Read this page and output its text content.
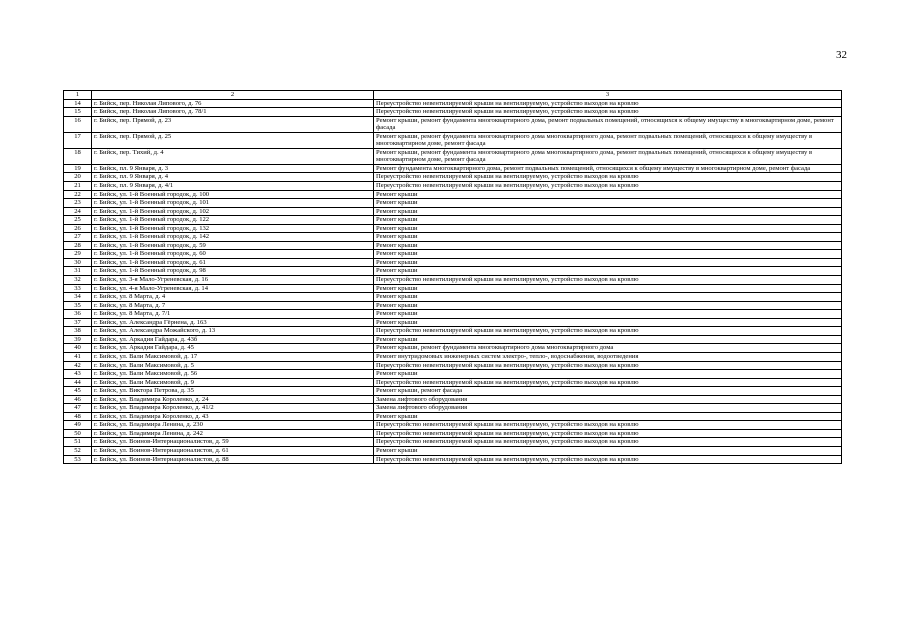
32
1	2	3
14	г. Бийск, пер. Николая Липового, д. 76	Переустройство невентилируемой крыши на вентилируемую, устройство выходов на кровлю
15	г. Бийск, пер. Николая Липового, д. 78/1	Переустройство невентилируемой крыши на вентилируемую, устройство выходов на кровлю
16	г. Бийск, пер. Прямой, д. 23	Ремонт крыши, ремонт фундамента многоквартирного дома, ремонт подвальных помещений, относящихся к общему имуществу в многоквартирном доме, ремонт фасада
17	г. Бийск, пер. Прямой, д. 25	Ремонт крыши, ремонт фундамента многоквартирного дома многоквартирного дома, ремонт подвальных помещений, относящихся к общему имуществу в многоквартирном доме, ремонт фасада
18	г. Бийск, пер. Тихий, д. 4	Ремонт крыши, ремонт фундамента многоквартирного дома многоквартирного дома, ремонт подвальных помещений, относящихся к общему имуществу в многоквартирном доме, ремонт фасада
19	г. Бийск, пл. 9 Января, д. 3	Ремонт фундамента многоквартирного дома, ремонт подвальных помещений, относящихся к общему имуществу в многоквартирном доме, ремонт фасада
20	г. Бийск, пл. 9 Января, д. 4	Переустройство невентилируемой крыши на вентилируемую, устройство выходов на кровлю
21	г. Бийск, пл. 9 Января, д. 4/1	Переустройство невентилируемой крыши на вентилируемую, устройство выходов на кровлю
22	г. Бийск, ул. 1-й Военный городок, д. 100	Ремонт крыши
23	г. Бийск, ул. 1-й Военный городок, д. 101	Ремонт крыши
24	г. Бийск, ул. 1-й Военный городок, д. 102	Ремонт крыши
25	г. Бийск, ул. 1-й Военный городок, д. 122	Ремонт крыши
26	г. Бийск, ул. 1-й Военный городок, д. 132	Ремонт крыши
27	г. Бийск, ул. 1-й Военный городок, д. 142	Ремонт крыши
28	г. Бийск, ул. 1-й Военный городок, д. 59	Ремонт крыши
29	г. Бийск, ул. 1-й Военный городок, д. 60	Ремонт крыши
30	г. Бийск, ул. 1-й Военный городок, д. 61	Ремонт крыши
31	г. Бийск, ул. 1-й Военный городок, д. 98	Ремонт крыши
32	г. Бийск, ул. 3-я Мало-Угреневская, д. 16	Переустройство невентилируемой крыши на вентилируемую, устройство выходов на кровлю
33	г. Бийск, ул. 4-я Мало-Угреневская, д. 14	Ремонт крыши
34	г. Бийск, ул. 8 Марта, д. 4	Ремонт крыши
35	г. Бийск, ул. 8 Марта, д. 7	Ремонт крыши
36	г. Бийск, ул. 8 Марта, д. 7/1	Ремонт крыши
37	г. Бийск, ул. Александра Гёрнена, д. 163	Ремонт крыши
38	г. Бийск, ул. Александра Можайского, д. 13	Переустройство невентилируемой крыши на вентилируемую, устройство выходов на кровлю
39	г. Бийск, ул. Аркадия Гайдара, д. 43б	Ремонт крыши
40	г. Бийск, ул. Аркадия Гайдара, д. 45	Ремонт крыши, ремонт фундамента многоквартирного дома многоквартирного дома
41	г. Бийск, ул. Вали Максимовой, д. 17	Ремонт внутридомовых инженерных систем электро-, тепло-, водоснабжения, водоотведения
42	г. Бийск, ул. Вали Максимовой, д. 5	Переустройство невентилируемой крыши на вентилируемую, устройство выходов на кровлю
43	г. Бийск, ул. Вали Максимовой, д. 56	Ремонт крыши
44	г. Бийск, ул. Вали Максимовой, д. 9	Переустройство невентилируемой крыши на вентилируемую, устройство выходов на кровлю
45	г. Бийск, ул. Виктора Петрова, д. 35	Ремонт крыши, ремонт фасада
46	г. Бийск, ул. Владимира Короленко, д. 24	Замена лифтового оборудования
47	г. Бийск, ул. Владимира Короленко, д. 41/2	Замена лифтового оборудования
48	г. Бийск, ул. Владимира Короленко, д. 43	Ремонт крыши
49	г. Бийск, ул. Владимира Ленина, д. 230	Переустройство невентилируемой крыши на вентилируемую, устройство выходов на кровлю
50	г. Бийск, ул. Владимира Ленина, д. 242	Переустройство невентилируемой крыши на вентилируемую, устройство выходов на кровлю
51	г. Бийск, ул. Воинов-Интернационалистов, д. 59	Переустройство невентилируемой крыши на вентилируемую, устройство выходов на кровлю
52	г. Бийск, ул. Воинов-Интернационалистов, д. 61	Ремонт крыши
53	г. Бийск, ул. Воинов-Интернационалистов, д. 88	Переустройство невентилируемой крыши на вентилируемую, устройство выходов на кровлю
